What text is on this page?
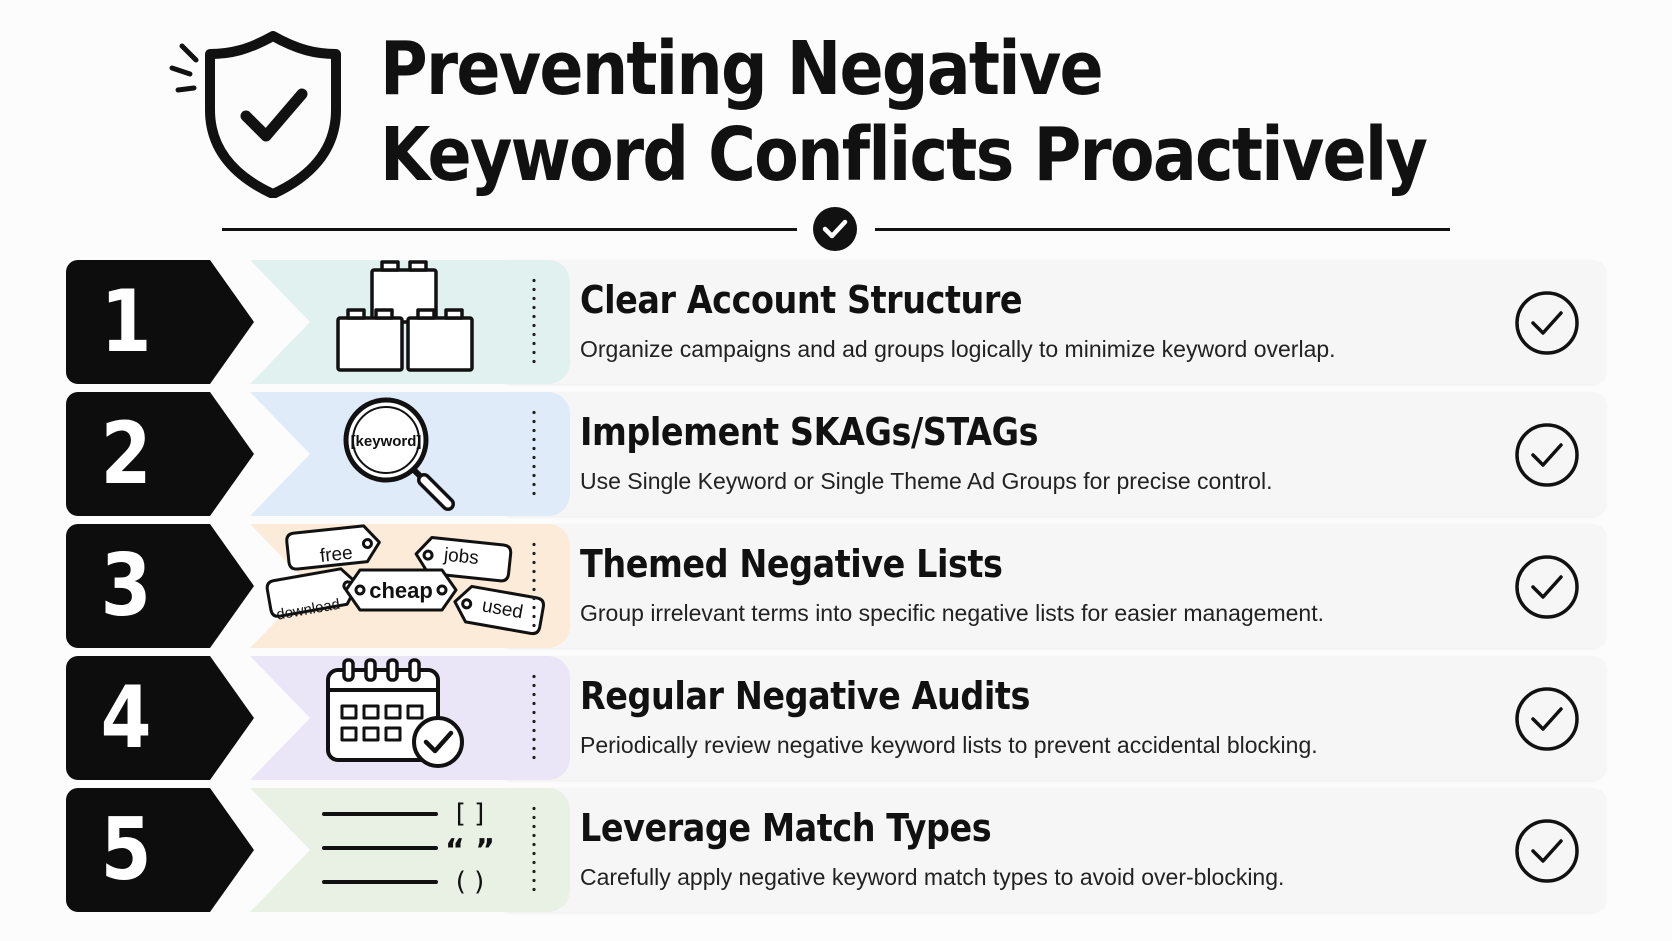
Preventing Negative
Keyword Conflicts Proactively
1	Clear Account Structure

Organize campaigns and ad groups logically to minimize keyword overlap.

2	[keyword]	Implement SKAGs/STAGs

Use Single Keyword or Single Theme Ad Groups for precise control.

3	free	jobs
download
cheap
used
Themed Negative Lists

Group irrelevant terms into specific negative lists for easier management.

4	Regular Negative Audits

Periodically review negative keyword lists to prevent accidental blocking.

5	[ ]
“ ”
( )
Leverage Match Types

Carefully apply negative keyword match types to avoid over-blocking.
